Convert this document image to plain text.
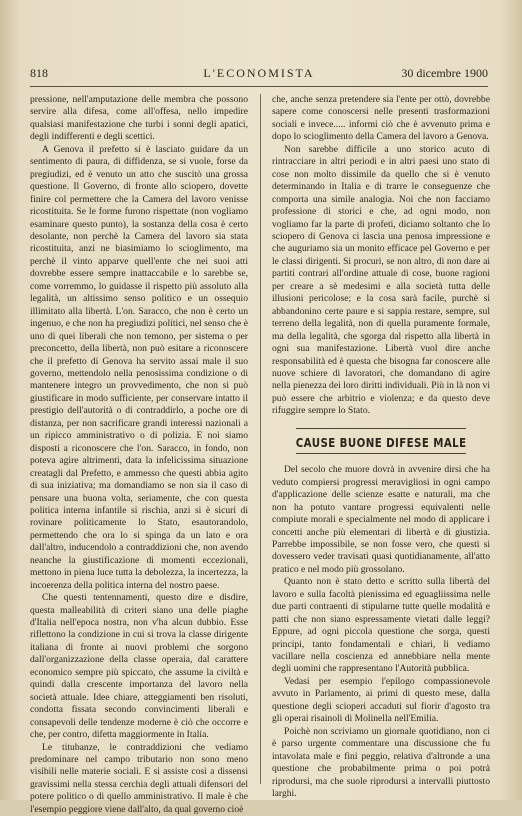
818	L'ECONOMISTA	30 dicembre 1900

pressione, nell'amputazione delle membra che possono servire alla difesa, come all'offesa, nello impedire qualsiasi manifestazione che turbi i sonni degli apatici, degli indifferenti e degli scettici.

A Genova il prefetto si è lasciato guidare da un sentimento di paura, di diffidenza, se si vuole, forse da pregiudizi, ed è venuto un atto che suscitò una grossa questione. Il Governo, di fronte allo sciopero, dovette finire col permettere che la Camera del lavoro venisse ricostituita. Se le forme furono rispettate (non vogliamo esaminare questo punto), la sostanza della cosa è certo desolante, non perchè la Camera del lavoro sia stata ricostituita, anzi ne biasimiamo lo scioglimento, ma perchè il vinto apparve quell'ente che nei suoi atti dovrebbe essere sempre inattaccabile e lo sarebbe se, come vorremmo, lo guidasse il rispetto più assoluto alla legalità, un altissimo senso politico e un ossequio illimitato alla libertà. L'on. Saracco, che non è certo un ingenuo, e che non ha pregiudizi politici, nel senso che è uno di quei liberali che non temono, per sistema o per preconcetto, della libertà, non può esitare a riconoscere che il prefetto di Genova ha servito assai male il suo governo, mettendolo nella penosissima condizione o di mantenere integro un provvedimento, che non si può giustificare in modo sufficiente, per conservare intatto il prestigio dell'autorità o di contraddirlo, a poche ore di distanza, per non sacrificare grandi interessi nazionali a un ripicco amministrativo o di polizia. E noi siamo disposti a riconoscere che l'on. Saracco, in fondo, non poteva agire altrimenti, data la infelicissima situazione creatagli dal Prefetto, e ammesso che questi abbia agito di sua iniziativa; ma domandiamo se non sia il caso di pensare una buona volta, seriamente, che con questa politica interna infantile si rischia, anzi si è sicuri di rovinare politicamente lo Stato, esautorandolo, permettendo che ora lo si spinga da un lato e ora dall'altro, inducendolo a contraddizioni che, non avendo neanche la giustificazione di momenti eccezionali, mettono in piena luce tutta la debolezza, la incertezza, la incoerenza della politica interna del nostro paese.

Che questi tentennamenti, questo dire e disdire, questa malleabilità di criteri siano una delle piaghe d'Italia nell'epoca nostra, non v'ha alcun dubbio. Esse riflettono la condizione in cui si trova la classe dirigente italiana di fronte ai nuovi problemi che sorgono dall'organizzazione della classe operaia, dal carattere economico sempre più spiccato, che assume la civiltà e quindi dalla crescente importanza del lavoro nella società attuale. Idee chiare, atteggiamenti ben risoluti, condotta fissata secondo convincimenti liberali e consapevoli delle tendenze moderne è ciò che occorre e che, per contro, difetta maggiormente in Italia.

Le titubanze, le contraddizioni che vediamo predominare nel campo tributario non sono meno visibili nelle materie sociali. E si assiste così a dissensi gravissimi nella stessa cerchia degli attuali difensori del potere politico o di quello amministrativo. Il male è che l'esempio peggiore viene dall'alto, da qual governo cioè

che, anche senza pretendere sia l'ente per ottò, dovrebbe sapere come conoscersi nelle presenti trasformazioni sociali e invece..... informi ciò che è avvenuto prima e dopo lo scioglimento della Camera del lavoro a Genova.

Non sarebbe difficile a uno storico acuto di rintracciare in altri periodi e in altri paesi uno stato di cose non molto dissimile da quello che si è venuto determinando in Italia e di trarre le conseguenze che comporta una simile analogia. Noi che non facciamo professione di storici e che, ad ogni modo, non vogliamo far la parte di profeti, diciamo soltanto che lo sciopero di Genova ci lascia una penosa impressione e che auguriamo sia un monito efficace pel Governo e per le classi dirigenti. Si procuri, se non altro, di non dare ai partiti contrari all'ordine attuale di cose, buone ragioni per creare a sè medesimi e alla società tutta delle illusioni pericolose; e la cosa sarà facile, purchè si abbandonino certe paure e si sappia restare, sempre, sul terreno della legalità, non di quella puramente formale, ma della legalità, che sgorga dal rispetto alla libertà in ogni sua manifestazione. Libertà vuol dire anche responsabilità ed è questa che bisogna far conoscere alle nuove schiere di lavoratori, che domandano di agire nella pienezza dei loro diritti individuali. Più in là non vi può essere che arbitrio e violenza; e da questo deve rifuggire sempre lo Stato.

CAUSE BUONE DIFESE MALE

Del secolo che muore dovrà in avvenire dirsi che ha veduto compiersi progressi meravigliosi in ogni campo d'applicazione delle scienze esatte e naturali, ma che non ha potuto vantare progressi equivalenti nelle compiute morali e specialmente nel modo di applicare i concetti anche più elementari di libertà e di giustizia. Parrebbe impossibile, se non fosse vero, che questi si dovessero veder travisati quasi quotidianamente, all'atto pratico e nel modo più grossolano.

Quanto non è stato detto e scritto sulla libertà del lavoro e sulla facoltà pienissima ed eguagliissima nelle due parti contraenti di stipularne tutte quelle modalità e patti che non siano espressamente vietati dalle leggi? Eppure, ad ogni piccola questione che sorga, questi principi, tanto fondamentali e chiari, li vediamo vacillare nella coscienza ed annebbiare nella mente degli uomini che rappresentano l'Autorità pubblica.

Vedasi per esempio l'epilogo compassionevole avvuto in Parlamento, ai primi di questo mese, dalla questione degli scioperi accaduti sul fiorir d'agosto tra gli operai risainoli di Molinella nell'Emilia.

Poichè non scriviamo un giornale quotidiano, non ci è parso urgente commentare una discussione che fu intavolata male e finì peggio, relativa d'altronde a una questione che probabilmente prima o poi potrà riprodursi, ma che suole riprodursi a intervalli piuttosto larghi.
